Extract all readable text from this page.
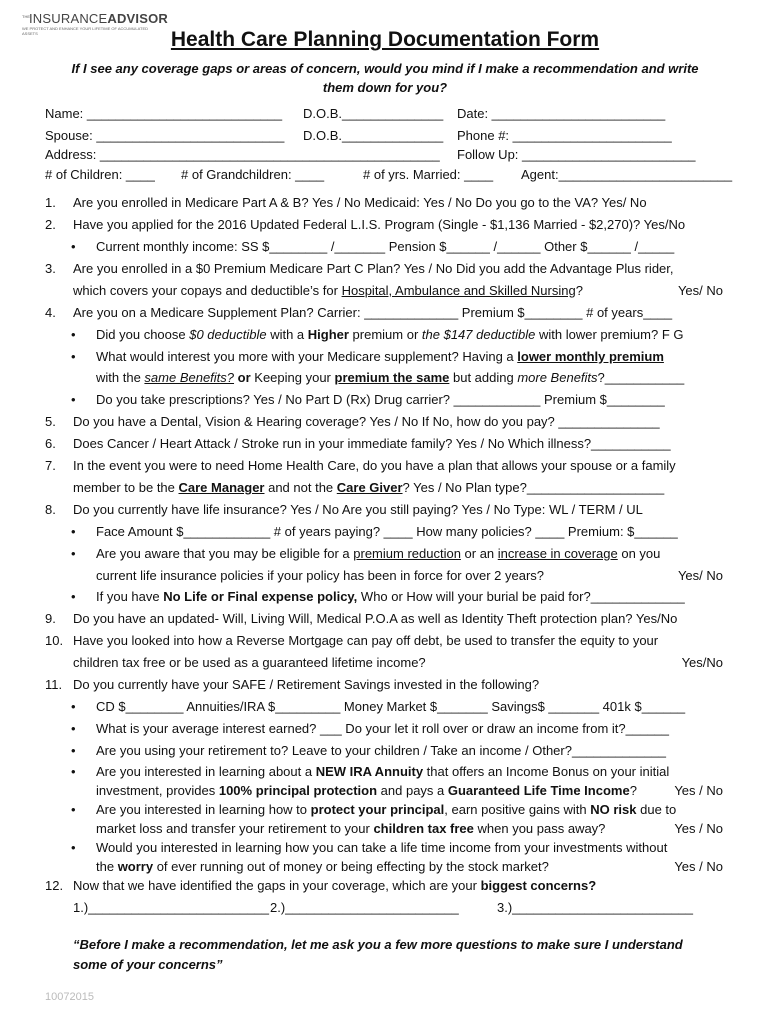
THE INSURANCEADVISOR
WE PROTECT AND ENHANCE YOUR LIFETIME OF ACCUMULATED ASSETS	Health Care Planning Documentation Form
If I see any coverage gaps or areas of concern, would you mind if I make a recommendation and write them down for you?
Name: ___________________________ D.O.B.______________ Date: ________________________
Spouse: __________________________ D.O.B.______________ Phone #: ______________________
Address: _______________________________________________ Follow Up: ________________________
# of Children: ____ # of Grandchildren: ____	# of yrs. Married: ____ Agent:________________________
1. Are you enrolled in Medicare Part A & B? Yes / No Medicaid: Yes / No Do you go to the VA? Yes/ No
2. Have you applied for the 2016 Updated Federal L.I.S. Program (Single - $1,136 Married - $2,270)? Yes/No
• Current monthly income: SS $________ /_______ Pension $______ /______ Other $______ /_____
3. Are you enrolled in a $0 Premium Medicare Part C Plan? Yes / No Did you add the Advantage Plus rider,
which covers your copays and deductible’s for Hospital, Ambulance and Skilled Nursing?	Yes/ No
4. Are you on a Medicare Supplement Plan? Carrier: _____________ Premium $________ # of years____
• Did you choose $0 deductible with a Higher premium or the $147 deductible with lower premium? F G
• What would interest you more with your Medicare supplement? Having a lower monthly premium
with the same Benefits? or Keeping your premium the same but adding more Benefits?___________
• Do you take prescriptions? Yes / No Part D (Rx) Drug carrier? ____________ Premium $________
5. Do you have a Dental, Vision & Hearing coverage? Yes / No If No, how do you pay? ______________
6. Does Cancer / Heart Attack / Stroke run in your immediate family? Yes / No Which illness?___________
7. In the event you were to need Home Health Care, do you have a plan that allows your spouse or a family
member to be the Care Manager and not the Care Giver? Yes / No Plan type?___________________
8. Do you currently have life insurance? Yes / No Are you still paying? Yes / No Type: WL / TERM / UL
• Face Amount $____________ # of years paying? ____ How many policies? ____ Premium: $______
• Are you aware that you may be eligible for a premium reduction or an increase in coverage on you
current life insurance policies if your policy has been in force for over 2 years?	Yes/ No
• If you have No Life or Final expense policy, Who or How will your burial be paid for?_____________
9. Do you have an updated- Will, Living Will, Medical P.O.A as well as Identity Theft protection plan? Yes/No
10. Have you looked into how a Reverse Mortgage can pay off debt, be used to transfer the equity to your
children tax free or be used as a guaranteed lifetime income?	Yes/No
11. Do you currently have your SAFE / Retirement Savings invested in the following?
• CD $________ Annuities/IRA $_________ Money Market $_______ Savings$ _______ 401k $______
• What is your average interest earned? ___ Do your let it roll over or draw an income from it?______
• Are you using your retirement to? Leave to your children / Take an income / Other?_____________
• Are you interested in learning about a NEW IRA Annuity that offers an Income Bonus on your initial
investment, provides 100% principal protection and pays a Guaranteed Life Time Income?	Yes / No
• Are you interested in learning how to protect your principal, earn positive gains with NO risk due to
market loss and transfer your retirement to your children tax free when you pass away?	Yes / No
• Would you interested in learning how you can take a life time income from your investments without
the worry of ever running out of money or being effecting by the stock market?	Yes / No
12. Now that we have identified the gaps in your coverage, which are your biggest concerns?
1.)_________________________ 2.)________________________	3.)_________________________
“Before I make a recommendation, let me ask you a few more questions to make sure I understand some of your concerns”
10072015
